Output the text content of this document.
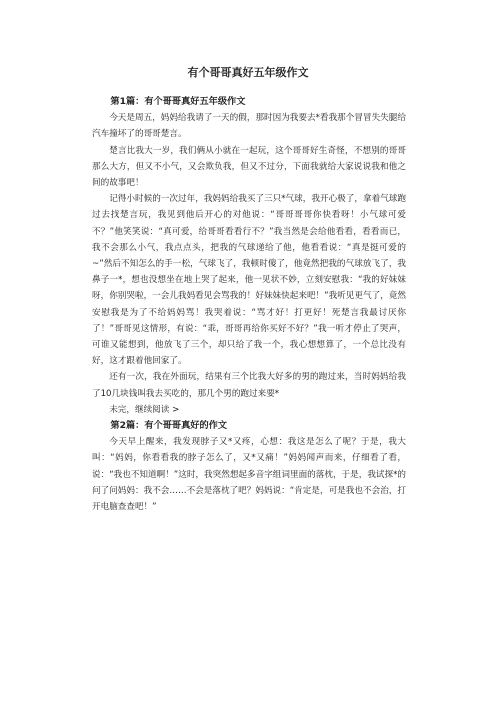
有个哥哥真好五年级作文

第1篇：有个哥哥真好五年级作文

今天是周五，妈妈给我请了一天的假，那时因为我要去*看我那个冒冒失失腿给汽车撞坏了的哥哥楚言。

楚言比我大一岁，我们俩从小就在一起玩，这个哥哥好生奇怪，不想别的哥哥那么大方，但又不小气，又会欺负我，但又不过分，下面我就给大家说说我和他之间的故事吧！

记得小时候的一次过年，我妈妈给我买了三只*气球，我开心极了，拿着气球跑过去找楚言玩，我见到他后开心的对他说：“哥哥哥哥你快看呀！小气球可爱不？”他笑笑说：“真可爱，给哥哥看看行不？”我当然是会给他看看，看看而已，我不会那么小气，我点点头，把我的气球递给了他，他看看说：“真是挺可爱的~”然后不知怎么的手一松，气球飞了，我顿时傻了，他竟然把我的气球放飞了，我鼻子一*，想也没想坐在地上哭了起来，他一见状不妙，立刻安慰我：“我的好妹妹呀，你别哭啦，一会儿我妈看见会骂我的！好妹妹快起来吧！”我听见更气了，竟然安慰我是为了不给妈妈骂！我哭着说：“骂才好！打更好！死楚言我最讨厌你了！”哥哥见这情形，有说：“乖，哥哥再给你买好不好？”我一听才停止了哭声，可谁又能想到，他放飞了三个，却只给了我一个，我心想想算了，一个总比没有好，这才跟着他回家了。

还有一次，我在外面玩，结果有三个比我大好多的男的跑过来，当时妈妈给我了10几块钱叫我去买吃的，那几个男的跑过来要*

未完，继续阅读 >

第2篇：有个哥哥真好的作文

今天早上醒来，我发现脖子又*又疼，心想：我这是怎么了呢？于是，我大叫：“妈妈，你看看我的脖子怎么了，又*又痛！”妈妈闻声而来，仔细看了看，说：“我也不知道啊！”这时，我突然想起多音字组词里面的落枕，于是，我试探*的问了问妈妈：我不会……不会是落枕了吧？妈妈说：“肯定是，可是我也不会治，打开电脑查查吧！”
